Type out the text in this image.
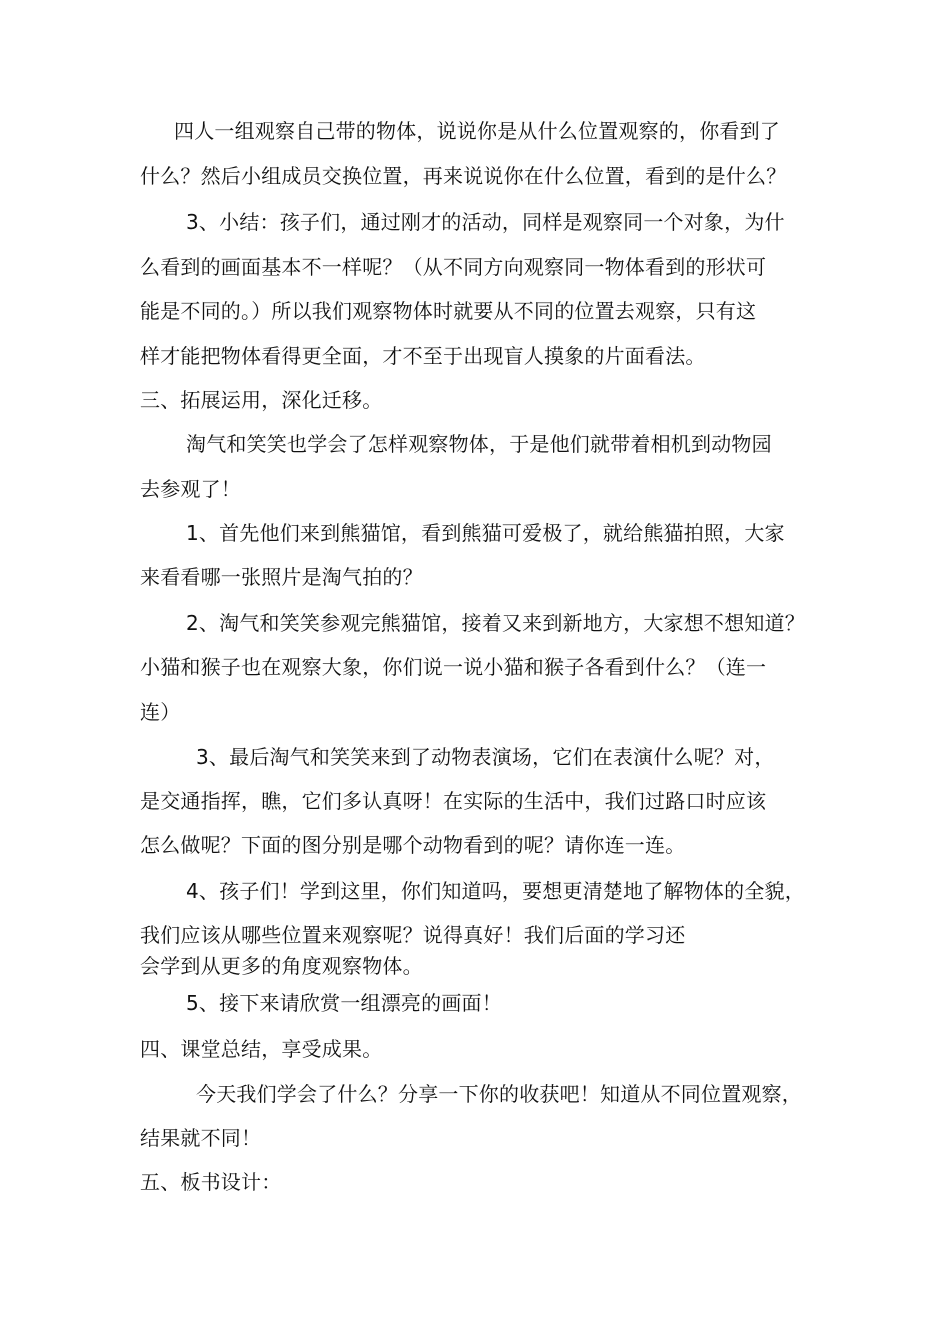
四人一组观察自己带的物体，说说你是从什么位置观察的，你看到了
什么？然后小组成员交换位置，再来说说你在什么位置，看到的是什么？
3、小结：孩子们，通过刚才的活动，同样是观察同一个对象，为什
么看到的画面基本不一样呢？（从不同方向观察同一物体看到的形状可
能是不同的。）所以我们观察物体时就要从不同的位置去观察，只有这
样才能把物体看得更全面，才不至于出现盲人摸象的片面看法。
三、拓展运用，深化迁移。
淘气和笑笑也学会了怎样观察物体，于是他们就带着相机到动物园
去参观了！
1、首先他们来到熊猫馆，看到熊猫可爱极了，就给熊猫拍照，大家
来看看哪一张照片是淘气拍的？
2、淘气和笑笑参观完熊猫馆，接着又来到新地方，大家想不想知道？
小猫和猴子也在观察大象，你们说一说小猫和猴子各看到什么？（连一
连）
3、最后淘气和笑笑来到了动物表演场，它们在表演什么呢？对，
是交通指挥，瞧，它们多认真呀！在实际的生活中，我们过路口时应该
怎么做呢？下面的图分别是哪个动物看到的呢？请你连一连。
4、孩子们！学到这里，你们知道吗，要想更清楚地了解物体的全貌，
我们应该从哪些位置来观察呢？说得真好！我们后面的学习还
会学到从更多的角度观察物体。
5、接下来请欣赏一组漂亮的画面！
四、课堂总结，享受成果。
今天我们学会了什么？分享一下你的收获吧！知道从不同位置观察，
结果就不同！
五、板书设计：
